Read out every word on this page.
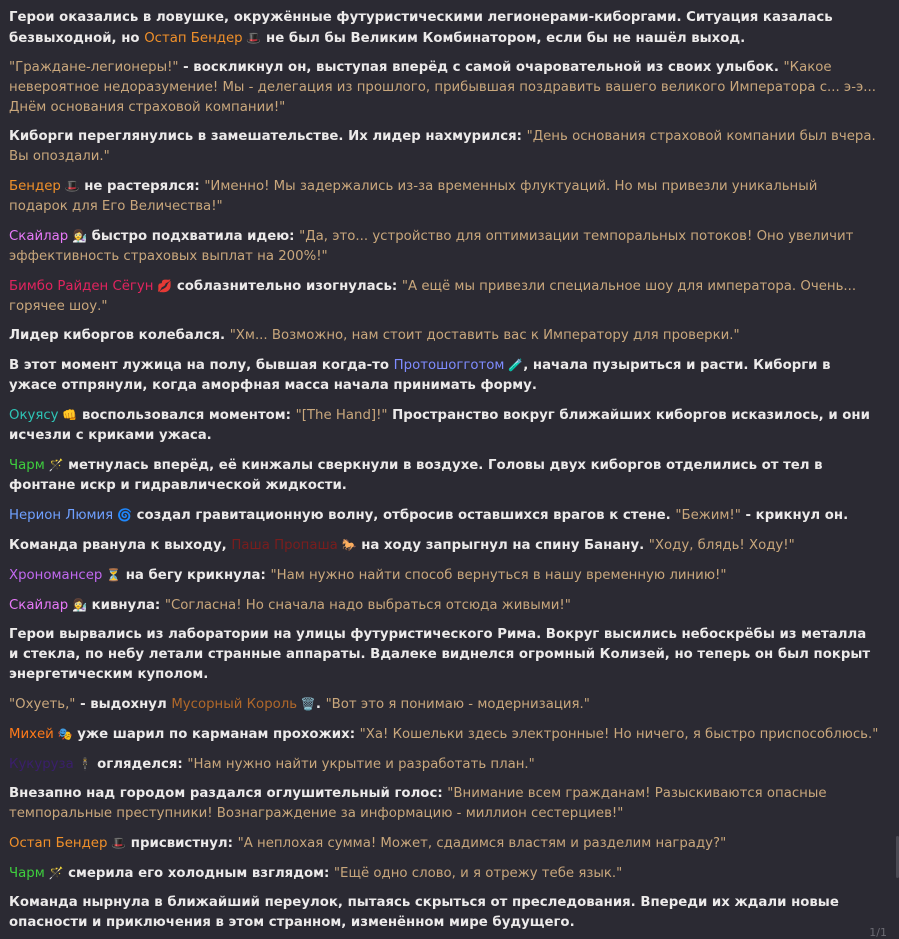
Герои оказались в ловушке, окружённые футуристическими легионерами-киборгами. Ситуация казалась безвыходной, но Остап Бендер 🎩 не был бы Великим Комбинатором, если бы не нашёл выход.

"Граждане-легионеры!" - воскликнул он, выступая вперёд с самой очаровательной из своих улыбок. "Какое невероятное недоразумение! Мы - делегация из прошлого, прибывшая поздравить вашего великого Императора с... э-э... Днём основания страховой компании!"

Киборги переглянулись в замешательстве. Их лидер нахмурился: "День основания страховой компании был вчера. Вы опоздали."

Бендер 🎩 не растерялся: "Именно! Мы задержались из-за временных флуктуаций. Но мы привезли уникальный подарок для Его Величества!"

Скайлар 👩‍🔬 быстро подхватила идею: "Да, это... устройство для оптимизации темпоральных потоков! Оно увеличит эффективность страховых выплат на 200%!"

Бимбо Райден Сёгун 💋 соблазнительно изогнулась: "А ещё мы привезли специальное шоу для императора. Очень... горячее шоу."

Лидер киборгов колебался. "Хм... Возможно, нам стоит доставить вас к Императору для проверки."

В этот момент лужица на полу, бывшая когда-то Протошогготом 🧪, начала пузыриться и расти. Киборги в ужасе отпрянули, когда аморфная масса начала принимать форму.

Окуясу 👊 воспользовался моментом: "[The Hand]!" Пространство вокруг ближайших киборгов исказилось, и они исчезли с криками ужаса.

Чарм 🪄 метнулась вперёд, её кинжалы сверкнули в воздухе. Головы двух киборгов отделились от тел в фонтане искр и гидравлической жидкости.

Нерион Люмия 🌀 создал гравитационную волну, отбросив оставшихся врагов к стене. "Бежим!" - крикнул он.

Команда рванула к выходу, Паша Пропаша 🐎 на ходу запрыгнул на спину Банану. "Ходу, блядь! Ходу!"

Хрономансер ⏳ на бегу крикнула: "Нам нужно найти способ вернуться в нашу временную линию!"

Скайлар 👩‍🔬 кивнула: "Согласна! Но сначала надо выбраться отсюда живыми!"

Герои вырвались из лаборатории на улицы футуристического Рима. Вокруг высились небоскрёбы из металла и стекла, по небу летали странные аппараты. Вдалеке виднелся огромный Колизей, но теперь он был покрыт энергетическим куполом.

"Охуеть," - выдохнул Мусорный Король 🗑️. "Вот это я понимаю - модернизация."

Михей 🎭 уже шарил по карманам прохожих: "Ха! Кошельки здесь электронные! Но ничего, я быстро приспособлюсь."

Кукуруза 🕴 огляделся: "Нам нужно найти укрытие и разработать план."

Внезапно над городом раздался оглушительный голос: "Внимание всем гражданам! Разыскиваются опасные темпоральные преступники! Вознаграждение за информацию - миллион сестерциев!"

Остап Бендер 🎩 присвистнул: "А неплохая сумма! Может, сдадимся властям и разделим награду?"

Чарм 🪄 смерила его холодным взглядом: "Ещё одно слово, и я отрежу тебе язык."

Команда нырнула в ближайший переулок, пытаясь скрыться от преследования. Впереди их ждали новые опасности и приключения в этом странном, изменённом мире будущего.

1/1
